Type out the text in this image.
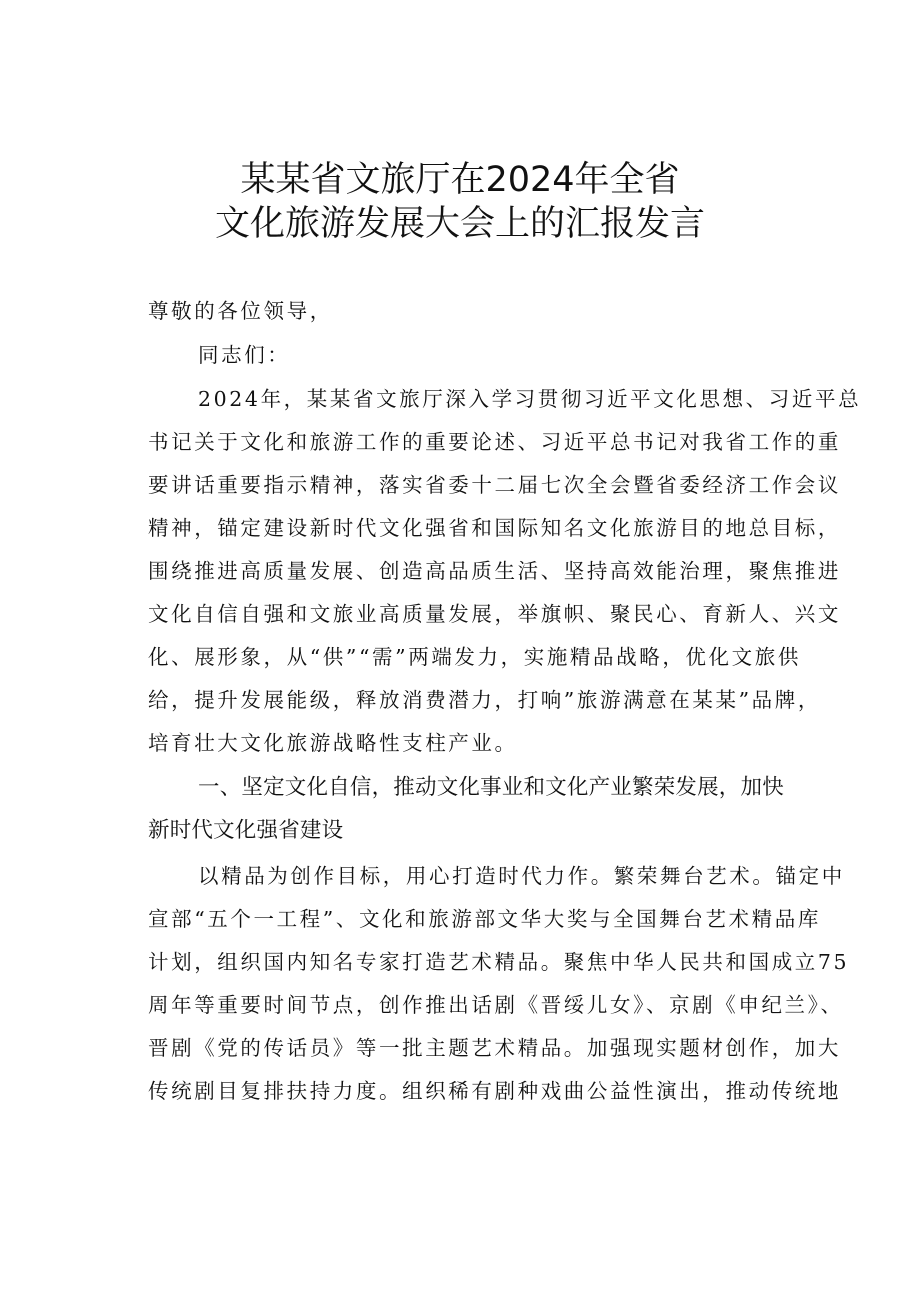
某某省文旅厅在2024年全省
文化旅游发展大会上的汇报发言
尊敬的各位领导，
同志们：
2024年，某某省文旅厅深入学习贯彻习近平文化思想、习近平总
书记关于文化和旅游工作的重要论述、习近平总书记对我省工作的重
要讲话重要指示精神，落实省委十二届七次全会暨省委经济工作会议
精神，锚定建设新时代文化强省和国际知名文化旅游目的地总目标，
围绕推进高质量发展、创造高品质生活、坚持高效能治理，聚焦推进
文化自信自强和文旅业高质量发展，举旗帜、聚民心、育新人、兴文
化、展形象，从“供”“需”两端发力，实施精品战略，优化文旅供
给，提升发展能级，释放消费潜力，打响”旅游满意在某某”品牌，
培育壮大文化旅游战略性支柱产业。
一、坚定文化自信，推动文化事业和文化产业繁荣发展，加快
新时代文化强省建设
以精品为创作目标，用心打造时代力作。繁荣舞台艺术。锚定中
宣部“五个一工程”、文化和旅游部文华大奖与全国舞台艺术精品库
计划，组织国内知名专家打造艺术精品。聚焦中华人民共和国成立75
周年等重要时间节点，创作推出话剧《晋绥儿女》、京剧《申纪兰》、
晋剧《党的传话员》等一批主题艺术精品。加强现实题材创作，加大
传统剧目复排扶持力度。组织稀有剧种戏曲公益性演出，推动传统地
